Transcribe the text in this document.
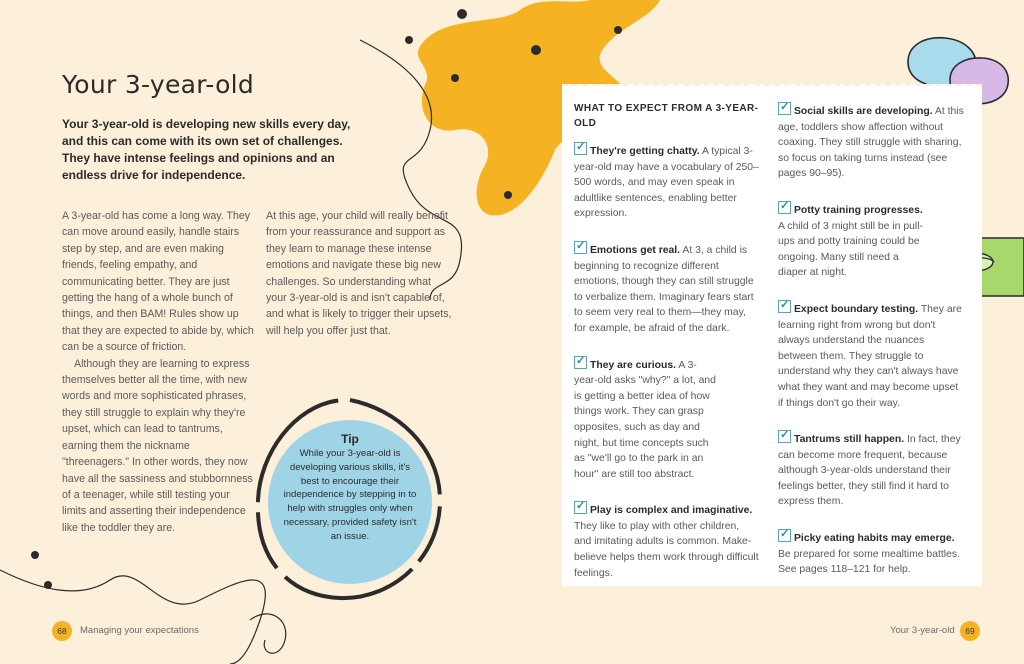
Your 3-year-old

Your 3-year-old is developing new skills every day, and this can come with its own set of challenges. They have intense feelings and opinions and an endless drive for independence.

A 3-year-old has come a long way. They can move around easily, handle stairs step by step, and are even making friends, feeling empathy, and communicating better. They are just getting the hang of a whole bunch of things, and then BAM! Rules show up that they are expected to abide by, which can be a source of friction.

Although they are learning to express themselves better all the time, with new words and more sophisticated phrases, they still struggle to explain why they're upset, which can lead to tantrums, earning them the nickname "threenagers." In other words, they now have all the sassiness and stubbornness of a teenager, while still testing your limits and asserting their independence like the toddler they are.

At this age, your child will really benefit from your reassurance and support as they learn to manage these intense emotions and navigate these big new challenges. So understanding what your 3-year-old is and isn't capable of, and what is likely to trigger their upsets, will help you offer just that.

Tip
While your 3-year-old is developing various skills, it's best to encourage their independence by stepping in to help with struggles only when necessary, provided safety isn't an issue.

WHAT TO EXPECT FROM A 3-YEAR-OLD

✓They're getting chatty. A typical 3-year-old may have a vocabulary of 250–500 words, and may even speak in adultlike sentences, enabling better expression.

✓Emotions get real. At 3, a child is beginning to recognize different emotions, though they can still struggle to verbalize them. Imaginary fears start to seem very real to them—they may, for example, be afraid of the dark.

✓They are curious. A 3-year-old asks "why?" a lot, and is getting a better idea of how things work. They can grasp opposites, such as day and night, but time concepts such as "we'll go to the park in an hour" are still too abstract.

✓Play is complex and imaginative. They like to play with other children, and imitating adults is common. Make-believe helps them work through difficult feelings.

✓Social skills are developing. At this age, toddlers show affection without coaxing. They still struggle with sharing, so focus on taking turns instead (see pages 90–95).

✓Potty training progresses. A child of 3 might still be in pull-ups and potty training could be ongoing. Many still need a diaper at night.

✓Expect boundary testing. They are learning right from wrong but don't always understand the nuances between them. They struggle to understand why they can't always have what they want and may become upset if things don't go their way.

✓Tantrums still happen. In fact, they can become more frequent, because although 3-year-olds understand their feelings better, they still find it hard to express them.

✓Picky eating habits may emerge. Be prepared for some mealtime battles. See pages 118–121 for help.

68	Managing your expectations	Your 3-year-old	69
